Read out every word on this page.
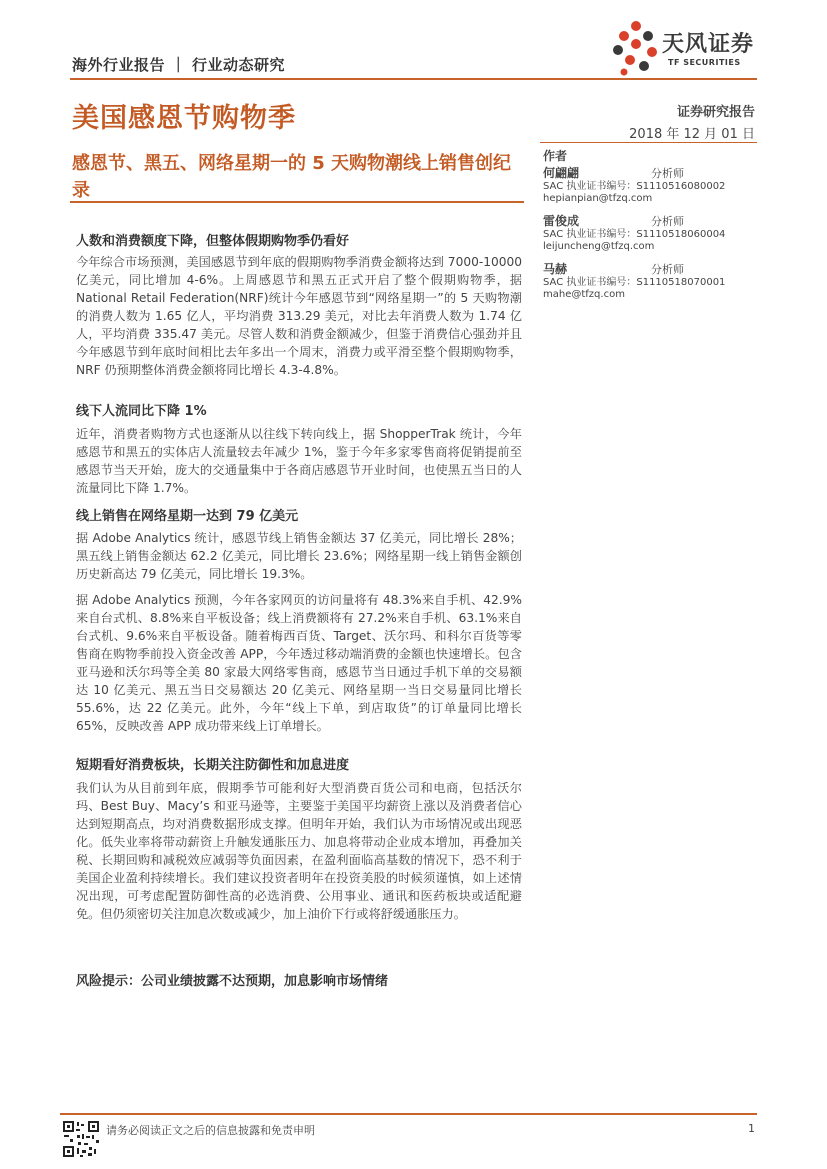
海外行业报告 ｜ 行业动态研究
天风证券
TF SECURITIES
美国感恩节购物季
感恩节、黑五、网络星期一的 5 天购物潮线上销售创纪录
证券研究报告
2018 年 12 月 01 日
作者
何翩翩	分析师
SAC 执业证书编号：S1110516080002
hepianpian@tfzq.com
雷俊成	分析师
SAC 执业证书编号：S1110518060004
leijuncheng@tfzq.com
马赫	分析师
SAC 执业证书编号：S1110518070001
mahe@tfzq.com
人数和消费额度下降，但整体假期购物季仍看好
今年综合市场预测，美国感恩节到年底的假期购物季消费金额将达到 7000-10000 亿美元，同比增加 4-6%。上周感恩节和黑五正式开启了整个假期购物季，据 National Retail Federation(NRF)统计今年感恩节到“网络星期一”的 5 天购物潮的消费人数为 1.65 亿人，平均消费 313.29 美元，对比去年消费人数为 1.74 亿人，平均消费 335.47 美元。尽管人数和消费金额减少，但鉴于消费信心强劲并且今年感恩节到年底时间相比去年多出一个周末，消费力或平滑至整个假期购物季，NRF 仍预期整体消费金额将同比增长 4.3-4.8%。
线下人流同比下降 1%
近年，消费者购物方式也逐渐从以往线下转向线上，据 ShopperTrak 统计，今年感恩节和黑五的实体店人流量较去年减少 1%，鉴于今年多家零售商将促销提前至感恩节当天开始，庞大的交通量集中于各商店感恩节开业时间，也使黑五当日的人流量同比下降 1.7%。
线上销售在网络星期一达到 79 亿美元
据 Adobe Analytics 统计，感恩节线上销售金额达 37 亿美元，同比增长 28%；黑五线上销售金额达 62.2 亿美元，同比增长 23.6%；网络星期一线上销售金额创历史新高达 79 亿美元，同比增长 19.3%。
据 Adobe Analytics 预测，今年各家网页的访问量将有 48.3%来自手机、42.9%来自台式机、8.8%来自平板设备；线上消费额将有 27.2%来自手机、63.1%来自台式机、9.6%来自平板设备。随着梅西百货、Target、沃尔玛、和科尔百货等零售商在购物季前投入资金改善 APP，今年透过移动端消费的金额也快速增长。包含亚马逊和沃尔玛等全美 80 家最大网络零售商，感恩节当日通过手机下单的交易额达 10 亿美元、黑五当日交易额达 20 亿美元、网络星期一当日交易量同比增长 55.6%，达 22 亿美元。此外，今年“线上下单，到店取货”的订单量同比增长 65%，反映改善 APP 成功带来线上订单增长。
短期看好消费板块，长期关注防御性和加息进度
我们认为从目前到年底，假期季节可能利好大型消费百货公司和电商，包括沃尔玛、Best Buy、Macy’s 和亚马逊等，主要鉴于美国平均薪资上涨以及消费者信心达到短期高点，均对消费数据形成支撑。但明年开始，我们认为市场情况或出现恶化。低失业率将带动薪资上升触发通胀压力、加息将带动企业成本增加，再叠加关税、长期回购和减税效应减弱等负面因素，在盈利面临高基数的情况下，恐不利于美国企业盈利持续增长。我们建议投资者明年在投资美股的时候须谨慎，如上述情况出现，可考虑配置防御性高的必选消费、公用事业、通讯和医药板块或适配避免。但仍须密切关注加息次数或减少，加上油价下行或将舒缓通胀压力。
风险提示：公司业绩披露不达预期，加息影响市场情绪
请务必阅读正文之后的信息披露和免责申明	1
